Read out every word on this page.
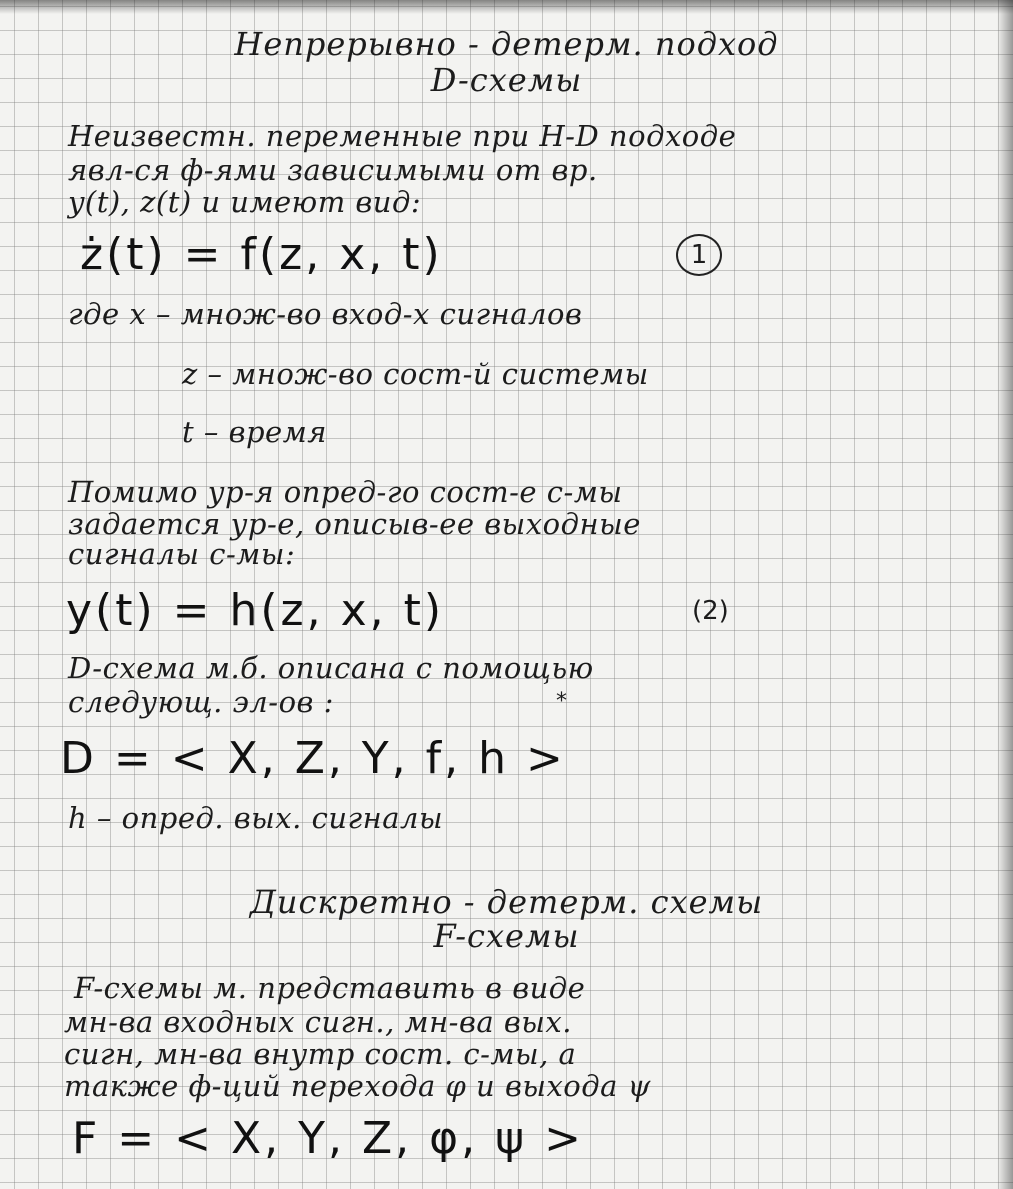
Непрерывно - детерм. подход
D-схемы
Неизвестн. переменные при Н-D подходе
явл-ся ф-ями зависимыми от вр.
y(t), z(t) и имеют вид:
ż(t) = f(z, x, t)	1
где x – множ-во вход-х сигналов
z – множ-во сост-й системы
t – время
Помимо ур-я опред-го сост-е с-мы
задается ур-е, описыв-ее выходные
сигналы с-мы:
y(t) = h(z, x, t)	(2)
D-схема м.б. описана с помощью
следующ. эл-ов :	*
D = < X, Z, Y, f, h >
h – опред. вых. сигналы
Дискретно - детерм. схемы
F-схемы
F-схемы м. представить в виде
мн-ва входных сигн., мн-ва вых.
сигн, мн-ва внутр сост. с-мы, а
также ф-ций перехода φ и выхода ψ
F = < X, Y, Z, φ, ψ >
